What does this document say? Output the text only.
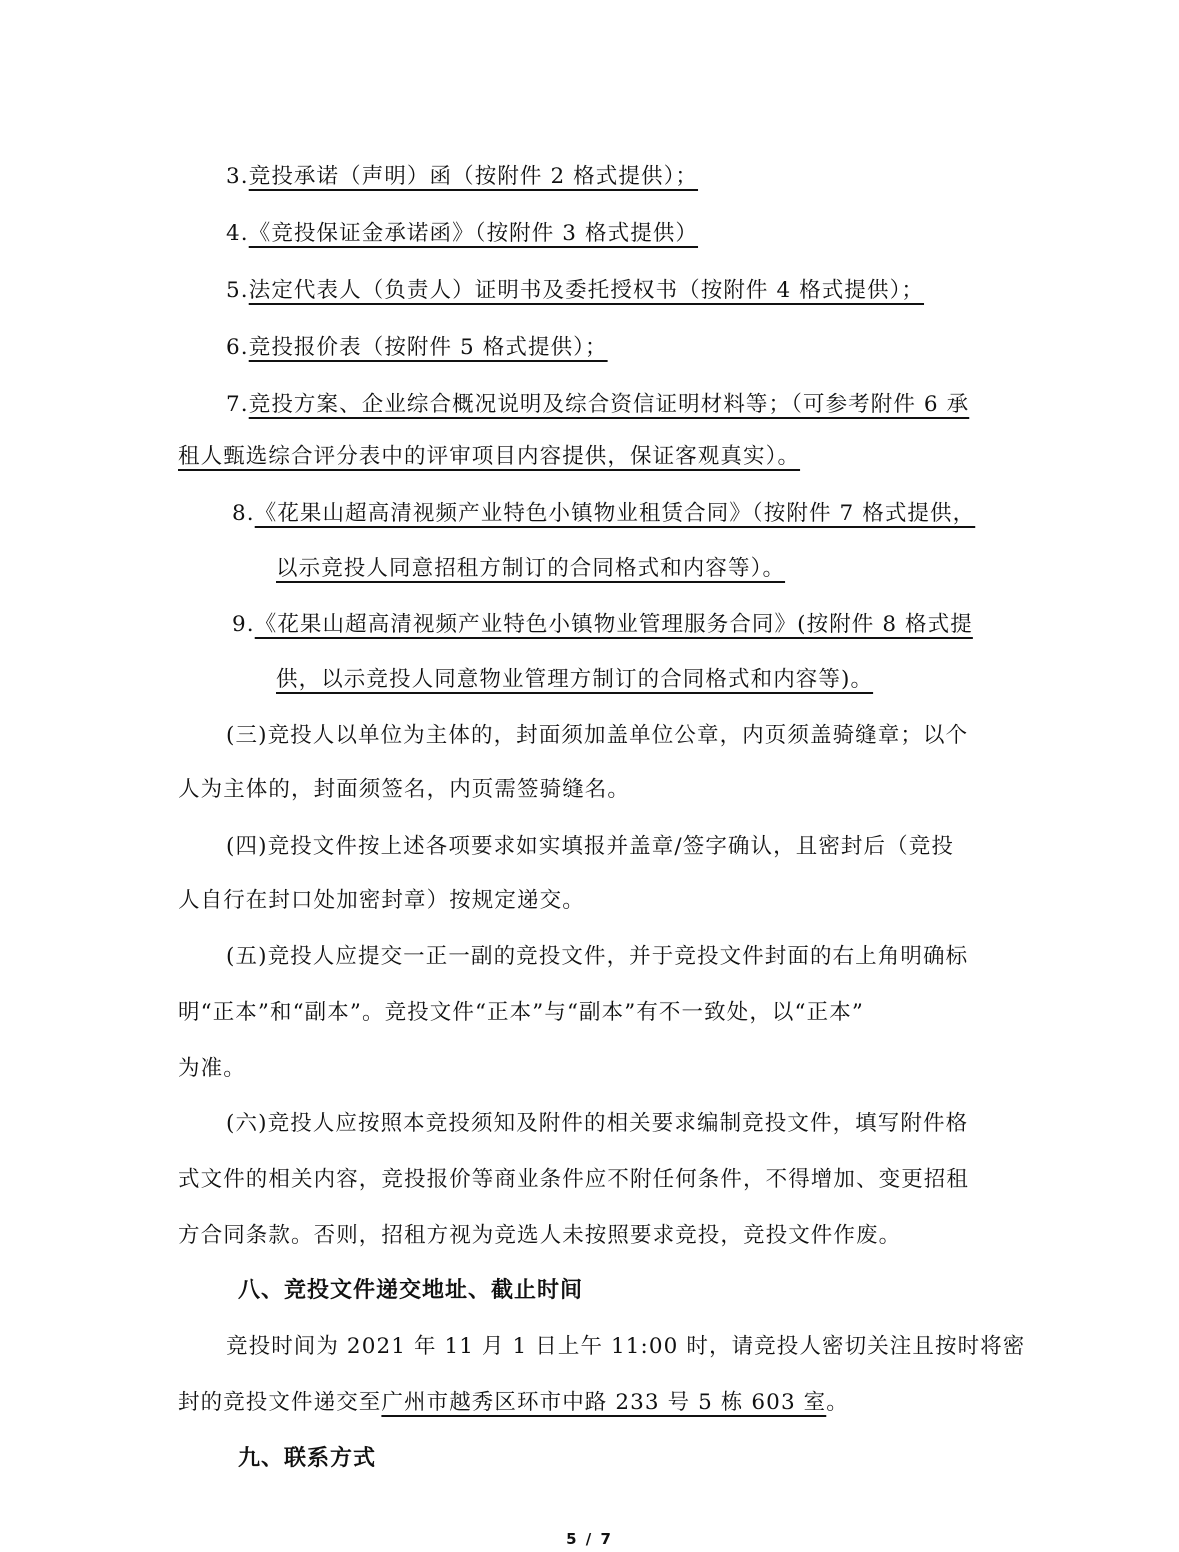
3.竞投承诺（声明）函（按附件 2 格式提供）；
4.《竞投保证金承诺函》（按附件 3 格式提供）
5.法定代表人（负责人）证明书及委托授权书（按附件 4 格式提供）；
6.竞投报价表（按附件 5 格式提供）；
7.竞投方案、企业综合概况说明及综合资信证明材料等；（可参考附件 6 承
租人甄选综合评分表中的评审项目内容提供，保证客观真实）。
8.《花果山超高清视频产业特色小镇物业租赁合同》（按附件 7 格式提供，
以示竞投人同意招租方制订的合同格式和内容等）。
9.《花果山超高清视频产业特色小镇物业管理服务合同》(按附件 8 格式提
供，以示竞投人同意物业管理方制订的合同格式和内容等)。
(三)竞投人以单位为主体的，封面须加盖单位公章，内页须盖骑缝章；以个
人为主体的，封面须签名，内页需签骑缝名。
(四)竞投文件按上述各项要求如实填报并盖章/签字确认，且密封后（竞投
人自行在封口处加密封章）按规定递交。
(五)竞投人应提交一正一副的竞投文件，并于竞投文件封面的右上角明确标
明“正本”和“副本”。竞投文件“正本”与“副本”有不一致处，以“正本”
为准。
(六)竞投人应按照本竞投须知及附件的相关要求编制竞投文件，填写附件格
式文件的相关内容，竞投报价等商业条件应不附任何条件，不得增加、变更招租
方合同条款。否则，招租方视为竞选人未按照要求竞投，竞投文件作废。
八、竞投文件递交地址、截止时间
竞投时间为 2021 年 11 月 1 日上午 11:00 时，请竞投人密切关注且按时将密
封的竞投文件递交至广州市越秀区环市中路 233 号 5 栋 603 室。
九、联系方式
5 / 7
